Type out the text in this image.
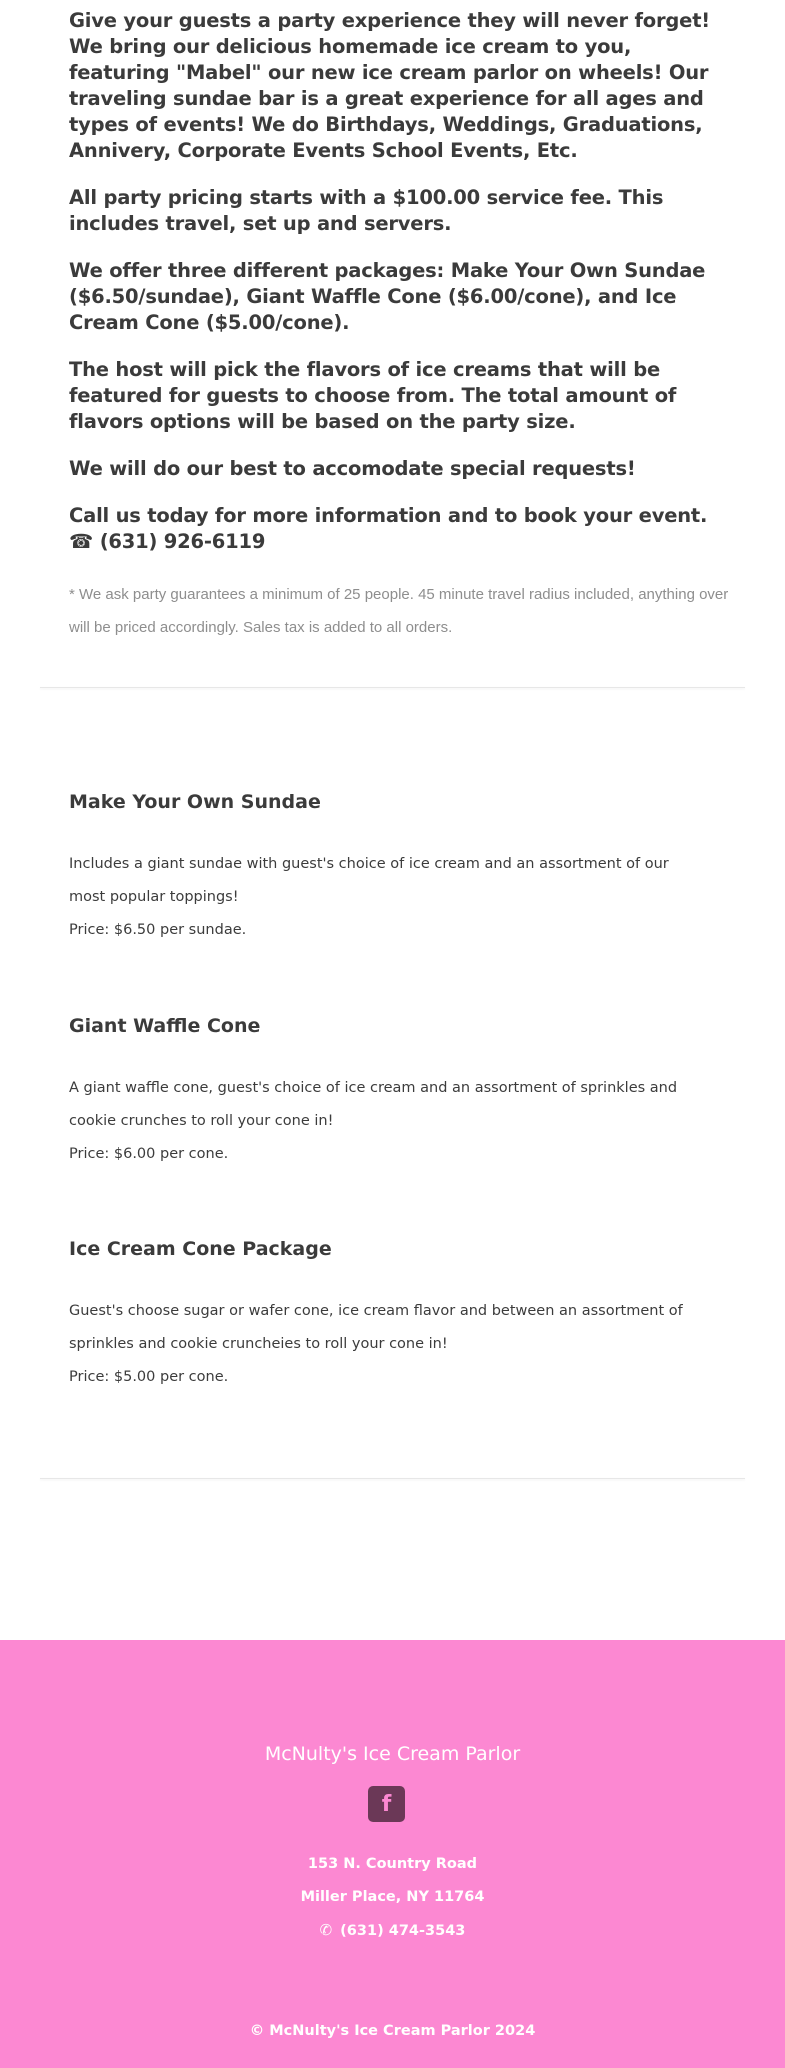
Give your guests a party experience they will never forget! We bring our delicious homemade ice cream to you, featuring "Mabel" our new ice cream parlor on wheels! Our traveling sundae bar is a great experience for all ages and types of events! We do Birthdays, Weddings, Graduations, Annivery, Corporate Events School Events, Etc.

All party pricing starts with a $100.00 service fee. This includes travel, set up and servers.

We offer three different packages: Make Your Own Sundae ($6.50/sundae), Giant Waffle Cone ($6.00/cone), and Ice Cream Cone ($5.00/cone).

The host will pick the flavors of ice creams that will be featured for guests to choose from. The total amount of flavors options will be based on the party size.

We will do our best to accomodate special requests!

Call us today for more information and to book your event.

☎ (631) 926-6119

* We ask party guarantees a minimum of 25 people. 45 minute travel radius included, anything over will be priced accordingly. Sales tax is added to all orders.
Make Your Own Sundae
Includes a giant sundae with guest's choice of ice cream and an assortment of our most popular toppings!
Price: $6.50 per sundae.
Giant Waffle Cone
A giant waffle cone, guest's choice of ice cream and an assortment of sprinkles and cookie crunches to roll your cone in!
Price: $6.00 per cone.
Ice Cream Cone Package
Guest's choose sugar or wafer cone, ice cream flavor and between an assortment of sprinkles and cookie cruncheies to roll your cone in!
Price: $5.00 per cone.
McNulty's Ice Cream Parlor
f
153 N. Country Road
Miller Place, NY 11764
✆ (631) 474-3543
© McNulty's Ice Cream Parlor 2024
